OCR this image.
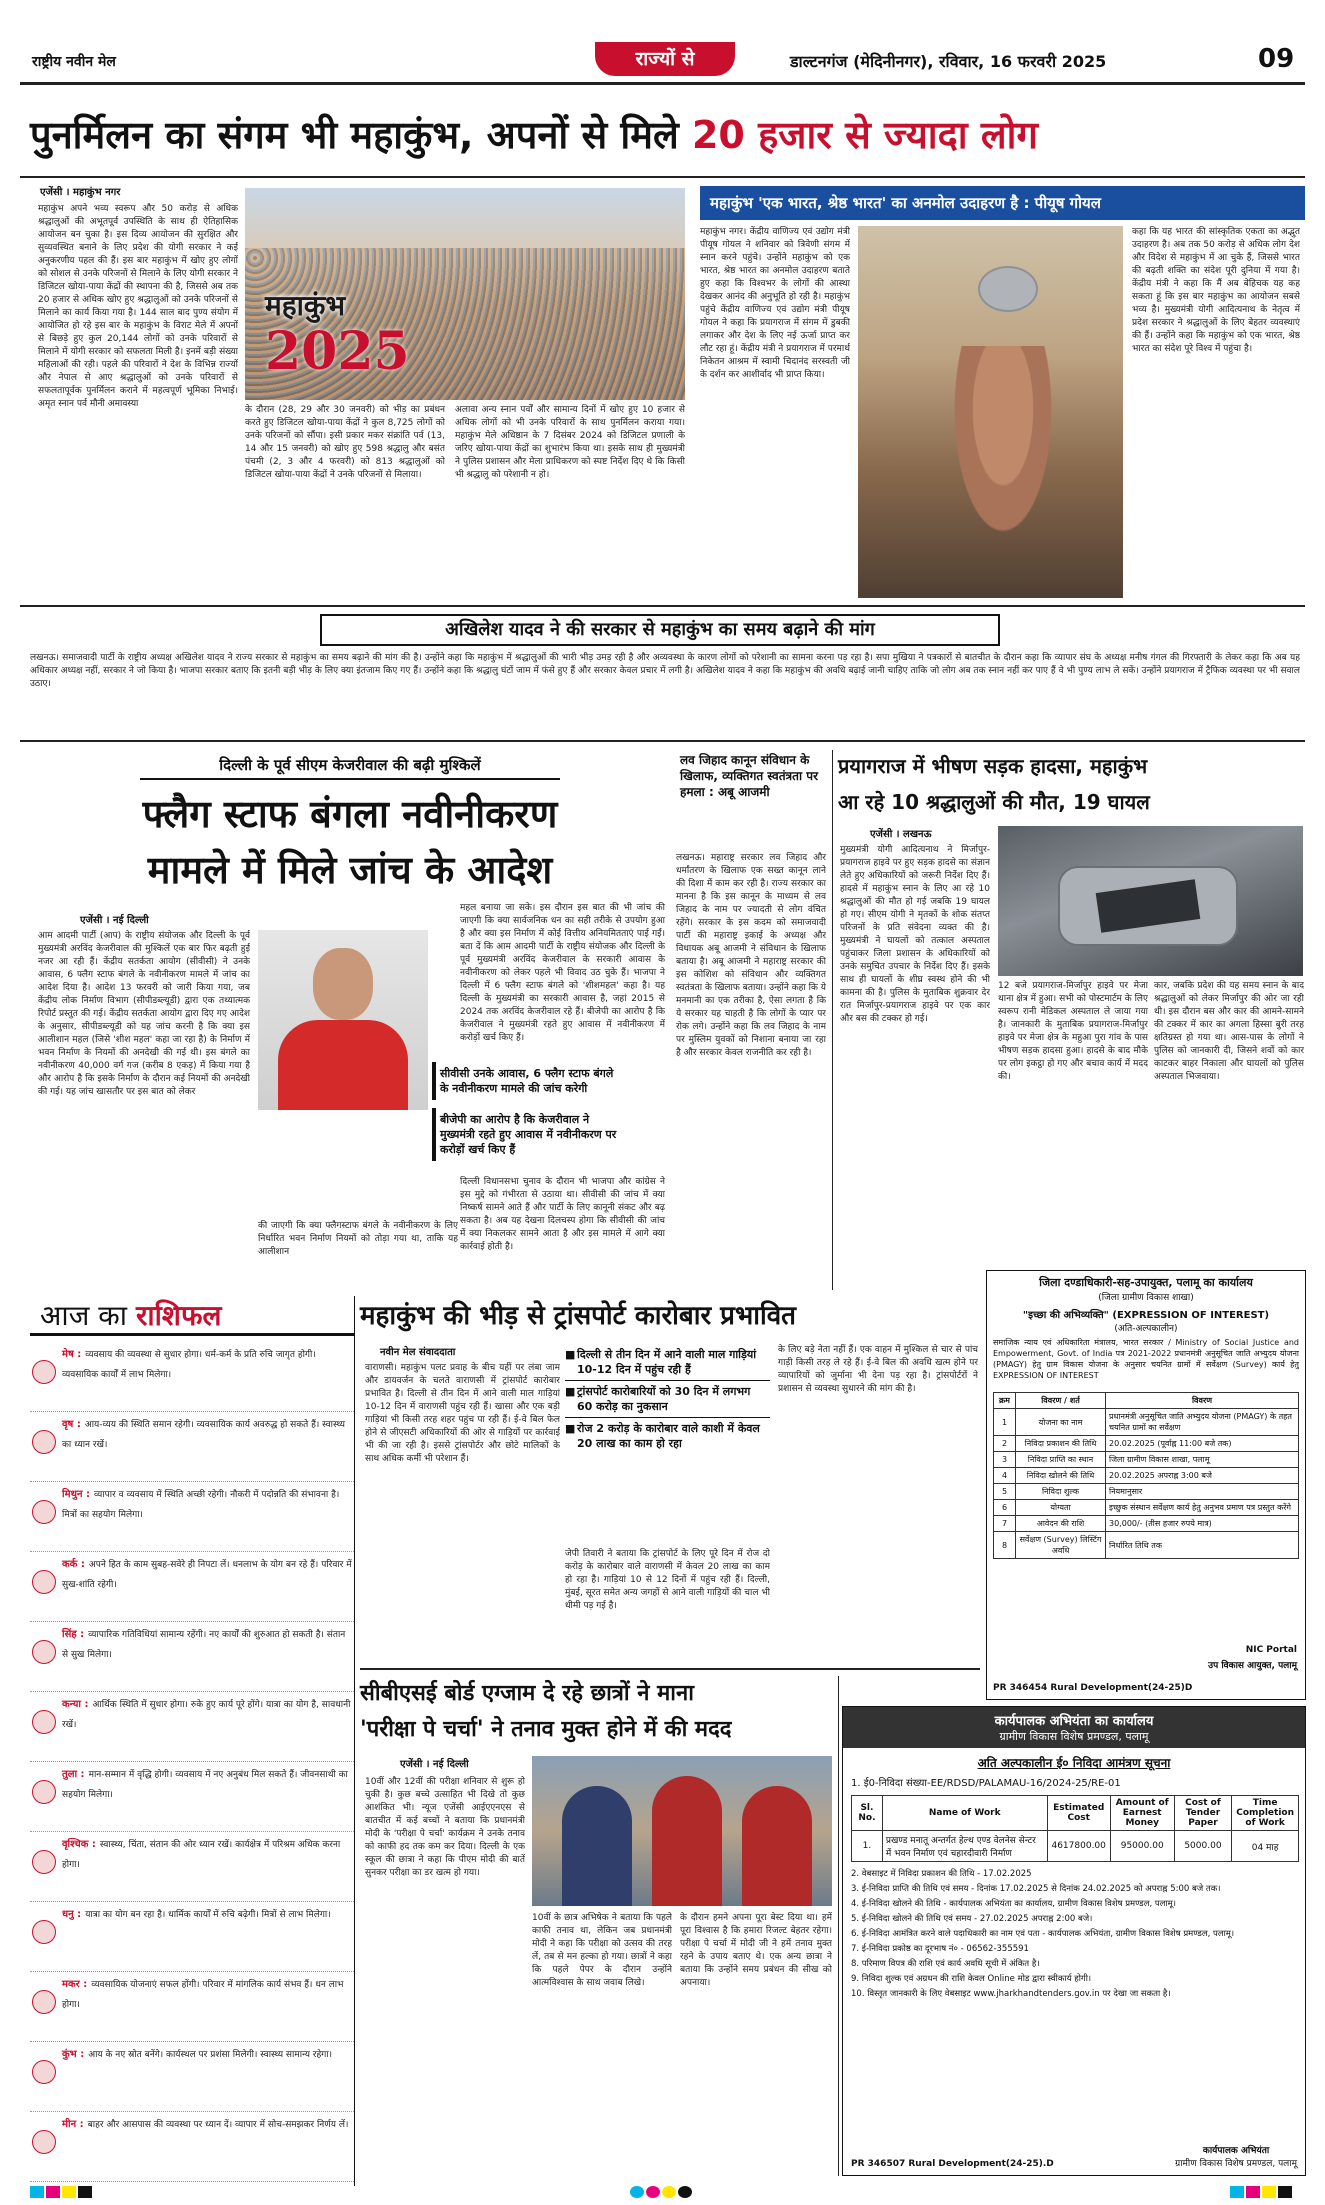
राष्ट्रीय नवीन मेल	राज्यों से	डाल्टनगंज (मेदिनीनगर), रविवार, 16 फरवरी 2025	09
पुनर्मिलन का संगम भी महाकुंभ, अपनों से मिले 20 हजार से ज्यादा लोग
एजेंसी । महाकुंभ नगर
महाकुंभ अपने भव्य स्वरूप और 50 करोड़ से अधिक श्रद्धालुओं की अभूतपूर्व उपस्थिति के साथ ही ऐतिहासिक आयोजन बन चुका है। इस दिव्य आयोजन की सुरक्षित और सुव्यवस्थित बनाने के लिए प्रदेश की योगी सरकार ने कई अनुकरणीय पहल की हैं। इस बार महाकुंभ में खोए हुए लोगों को सोशल से उनके परिजनों से मिलाने के लिए योगी सरकार ने डिजिटल खोया-पाया केंद्रों की स्थापना की है, जिससे अब तक 20 हजार से अधिक खोए हुए श्रद्धालुओं को उनके परिजनों से मिलाने का कार्य किया गया है। 144 साल बाद पुण्य संयोग में आयोजित हो रहे इस बार के महाकुंभ के विराट मेले में अपनों से बिछड़े हुए कुल 20,144 लोगों को उनके परिवारों से मिलाने में योगी सरकार को सफलता मिली है। इनमें बड़ी संख्या महिलाओं की रही। पहले की परिवारों ने देश के विभिन्न राज्यों और नेपाल से आए श्रद्धालुओं को उनके परिवारों से सफलतापूर्वक पुनर्मिलन कराने में महत्वपूर्ण भूमिका निभाई। अमृत स्नान पर्व मौनी अमावस्या
महाकुंभ
2025
के दौरान (28, 29 और 30 जनवरी) को भीड़ का प्रबंधन करते हुए डिजिटल खोया-पाया केंद्रों ने कुल 8,725 लोगों को उनके परिजनों को सौंपा। इसी प्रकार मकर संक्रांति पर्व (13, 14 और 15 जनवरी) को खोए हुए 598 श्रद्धालु और बसंत पंचमी (2, 3 और 4 फरवरी) को 813 श्रद्धालुओं को डिजिटल खोया-पाया केंद्रों ने उनके परिजनों से मिलाया।
अलावा अन्य स्नान पर्वों और सामान्य दिनों में खोए हुए 10 हजार से अधिक लोगों को भी उनके परिवारों के साथ पुनर्मिलन कराया गया। महाकुंभ मेले अधिष्ठान के 7 दिसंबर 2024 को डिजिटल प्रणाली के जरिए खोया-पाया केंद्रों का शुभारंभ किया था। इसके साथ ही मुख्यमंत्री ने पुलिस प्रशासन और मेला प्राधिकरण को स्पष्ट निर्देश दिए थे कि किसी भी श्रद्धालु को परेशानी न हो।
महाकुंभ 'एक भारत, श्रेष्ठ भारत' का अनमोल उदाहरण है : पीयूष गोयल
महाकुंभ नगर। केंद्रीय वाणिज्य एवं उद्योग मंत्री पीयूष गोयल ने शनिवार को त्रिवेणी संगम में स्नान करने पहुंचे। उन्होंने महाकुंभ को एक भारत, श्रेष्ठ भारत का अनमोल उदाहरण बताते हुए कहा कि विश्वभर के लोगों की आस्था देखकर आनंद की अनुभूति हो रही है। महाकुंभ पहुंचे केंद्रीय वाणिज्य एवं उद्योग मंत्री पीयूष गोयल ने कहा कि प्रयागराज में संगम में डुबकी लगाकर और देश के लिए नई ऊर्जा प्राप्त कर लौट रहा हूं। केंद्रीय मंत्री ने प्रयागराज में परमार्थ निकेतन आश्रम में स्वामी चिदानंद सरस्वती जी के दर्शन कर आशीर्वाद भी प्राप्त किया।
कहा कि यह भारत की सांस्कृतिक एकता का अद्भुत उदाहरण है। अब तक 50 करोड़ से अधिक लोग देश और विदेश से महाकुंभ में आ चुके हैं, जिससे भारत की बढ़ती शक्ति का संदेश पूरी दुनिया में गया है। केंद्रीय मंत्री ने कहा कि मैं अब बेहिचक यह कह सकता हूं कि इस बार महाकुंभ का आयोजन सबसे भव्य है। मुख्यमंत्री योगी आदित्यनाथ के नेतृत्व में प्रदेश सरकार ने श्रद्धालुओं के लिए बेहतर व्यवस्थाएं की हैं। उन्होंने कहा कि महाकुंभ को एक भारत, श्रेष्ठ भारत का संदेश पूरे विश्व में पहुंचा है।
अखिलेश यादव ने की सरकार से महाकुंभ का समय बढ़ाने की मांग
लखनऊ। समाजवादी पार्टी के राष्ट्रीय अध्यक्ष अखिलेश यादव ने राज्य सरकार से महाकुंभ का समय बढ़ाने की मांग की है। उन्होंने कहा कि महाकुंभ में श्रद्धालुओं की भारी भीड़ उमड़ रही है और अव्यवस्था के कारण लोगों को परेशानी का सामना करना पड़ रहा है। सपा मुखिया ने पत्रकारों से बातचीत के दौरान कहा कि व्यापार संघ के अध्यक्ष मनीष गंगल की गिरफ्तारी के लेकर कहा कि अब यह अधिकार अध्यक्ष नहीं, सरकार ने जो किया है। भाजपा सरकार बताए कि इतनी बड़ी भीड़ के लिए क्या इंतजाम किए गए हैं। उन्होंने कहा कि श्रद्धालु घंटों जाम में फंसे हुए हैं और सरकार केवल प्रचार में लगी है। अखिलेश यादव ने कहा कि महाकुंभ की अवधि बढ़ाई जानी चाहिए ताकि जो लोग अब तक स्नान नहीं कर पाए हैं वे भी पुण्य लाभ ले सकें। उन्होंने प्रयागराज में ट्रैफिक व्यवस्था पर भी सवाल उठाए।
दिल्ली के पूर्व सीएम केजरीवाल की बढ़ी मुश्किलें
फ्लैग स्टाफ बंगला नवीनीकरण
मामले में मिले जांच के आदेश
एजेंसी । नई दिल्ली
आम आदमी पार्टी (आप) के राष्ट्रीय संयोजक और दिल्ली के पूर्व मुख्यमंत्री अरविंद केजरीवाल की मुश्किलें एक बार फिर बढ़ती हुई नजर आ रही हैं। केंद्रीय सतर्कता आयोग (सीवीसी) ने उनके आवास, 6 फ्लैग स्टाफ बंगले के नवीनीकरण मामले में जांच का आदेश दिया है। आदेश 13 फरवरी को जारी किया गया, जब केंद्रीय लोक निर्माण विभाग (सीपीडब्ल्यूडी) द्वारा एक तथ्यात्मक रिपोर्ट प्रस्तुत की गई। केंद्रीय सतर्कता आयोग द्वारा दिए गए आदेश के अनुसार, सीपीडब्ल्यूडी को यह जांच करनी है कि क्या इस आलीशान महल (जिसे 'शीश महल' कहा जा रहा है) के निर्माण में भवन निर्माण के नियमों की अनदेखी की गई थी। इस बंगले का नवीनीकरण 40,000 वर्ग गज (करीब 8 एकड़) में किया गया है और आरोप है कि इसके निर्माण के दौरान कई नियमों की अनदेखी की गई। यह जांच खासतौर पर इस बात को लेकर
सीवीसी उनके आवास, 6 फ्लैग स्टाफ बंगले के नवीनीकरण मामले की जांच करेगी
बीजेपी का आरोप है कि केजरीवाल ने मुख्यमंत्री रहते हुए आवास में नवीनीकरण पर करोड़ों खर्च किए हैं
की जाएगी कि क्या फ्लैगस्टाफ बंगले के नवीनीकरण के लिए निर्धारित भवन निर्माण नियमों को तोड़ा गया था, ताकि यह आलीशान
महल बनाया जा सके। इस दौरान इस बात की भी जांच की जाएगी कि क्या सार्वजनिक धन का सही तरीके से उपयोग हुआ है और क्या इस निर्माण में कोई वित्तीय अनियमितताएं पाई गईं। बता दें कि आम आदमी पार्टी के राष्ट्रीय संयोजक और दिल्ली के पूर्व मुख्यमंत्री अरविंद केजरीवाल के सरकारी आवास के नवीनीकरण को लेकर पहले भी विवाद उठ चुके हैं। भाजपा ने दिल्ली में 6 फ्लैग स्टाफ बंगले को 'शीशमहल' कहा है। यह दिल्ली के मुख्यमंत्री का सरकारी आवास है, जहां 2015 से 2024 तक अरविंद केजरीवाल रहे हैं। बीजेपी का आरोप है कि केजरीवाल ने मुख्यमंत्री रहते हुए आवास में नवीनीकरण में करोड़ों खर्च किए हैं।
दिल्ली विधानसभा चुनाव के दौरान भी भाजपा और कांग्रेस ने इस मुद्दे को गंभीरता से उठाया था। सीवीसी की जांच में क्या निष्कर्ष सामने आते हैं और पार्टी के लिए कानूनी संकट और बढ़ सकता है। अब यह देखना दिलचस्प होगा कि सीवीसी की जांच में क्या निकलकर सामने आता है और इस मामले में आगे क्या कार्रवाई होती है।
लव जिहाद कानून संविधान के खिलाफ, व्यक्तिगत स्वतंत्रता पर हमला : अबू आजमी
लखनऊ। महाराष्ट्र सरकार लव जिहाद और धर्मांतरण के खिलाफ एक सख्त कानून लाने की दिशा में काम कर रही है। राज्य सरकार का मानना है कि इस कानून के माध्यम से लव जिहाद के नाम पर ज्यादती से लोग वंचित रहेंगे। सरकार के इस कदम को समाजवादी पार्टी की महाराष्ट्र इकाई के अध्यक्ष और विधायक अबू आजमी ने संविधान के खिलाफ बताया है। अबू आजमी ने महाराष्ट्र सरकार की इस कोशिश को संविधान और व्यक्तिगत स्वतंत्रता के खिलाफ बताया। उन्होंने कहा कि ये मनमानी का एक तरीका है, ऐसा लगता है कि ये सरकार यह चाहती है कि लोगों के प्यार पर रोक लगे। उन्होंने कहा कि लव जिहाद के नाम पर मुस्लिम युवकों को निशाना बनाया जा रहा है और सरकार केवल राजनीति कर रही है।
प्रयागराज में भीषण सड़क हादसा, महाकुंभ
आ रहे 10 श्रद्धालुओं की मौत, 19 घायल
एजेंसी । लखनऊ
मुख्यमंत्री योगी आदित्यनाथ ने मिर्जापुर-प्रयागराज हाइवे पर हुए सड़क हादसे का संज्ञान लेते हुए अधिकारियों को जरूरी निर्देश दिए हैं। हादसे में महाकुंभ स्नान के लिए आ रहे 10 श्रद्धालुओं की मौत हो गई जबकि 19 घायल हो गए। सीएम योगी ने मृतकों के शोक संतप्त परिजनों के प्रति संवेदना व्यक्त की है। मुख्यमंत्री ने घायलों को तत्काल अस्पताल पहुंचाकर जिला प्रशासन के अधिकारियों को उनके समुचित उपचार के निर्देश दिए हैं। इसके साथ ही घायलों के शीघ्र स्वस्थ होने की भी कामना की है। पुलिस के मुताबिक शुक्रवार देर रात मिर्जापुर-प्रयागराज हाइवे पर एक कार और बस की टक्कर हो गई।
12 बजे प्रयागराज-मिर्जापुर हाइवे पर मेजा थाना क्षेत्र में हुआ। सभी को पोस्टमार्टम के लिए स्वरूप रानी मेडिकल अस्पताल ले जाया गया है। जानकारी के मुताबिक प्रयागराज-मिर्जापुर हाइवे पर मेजा क्षेत्र के महुआ पुरा गांव के पास भीषण सड़क हादसा हुआ। हादसे के बाद मौके पर लोग इकट्ठा हो गए और बचाव कार्य में मदद की।
कार, जबकि प्रदेश की यह समय स्नान के बाद श्रद्धालुओं को लेकर मिर्जापुर की ओर जा रही थी। इस दौरान बस और कार की आमने-सामने की टक्कर में कार का अगला हिस्सा बुरी तरह क्षतिग्रस्त हो गया था। आस-पास के लोगों ने पुलिस को जानकारी दी, जिसने शवों को कार काटकर बाहर निकाला और घायलों को पुलिस अस्पताल भिजवाया।
जिला दण्डाधिकारी-सह-उपायुक्त, पलामू का कार्यालय
(जिला ग्रामीण विकास शाखा)
"इच्छा की अभिव्यक्ति" (EXPRESSION OF INTEREST)
(अति-अल्पकालीन)
समाजिक न्याय एवं अधिकारिता मंत्रालय, भारत सरकार / Ministry of Social Justice and Empowerment, Govt. of India पत्र 2021-2022 प्रधानमंत्री अनुसूचित जाति अभ्युदय योजना (PMAGY) हेतु ग्राम विकास योजना के अनुसार चयनित ग्रामों में सर्वेक्षण (Survey) कार्य हेतु EXPRESSION OF INTEREST
क्रम	विवरण / शर्त	विवरण
1	योजना का नाम	प्रधानमंत्री अनुसूचित जाति अभ्युदय योजना (PMAGY) के तहत चयनित ग्रामों का सर्वेक्षण
2	निविदा प्रकाशन की तिथि	20.02.2025 (पूर्वाह्न 11:00 बजे तक)
3	निविदा प्राप्ति का स्थान	जिला ग्रामीण विकास शाखा, पलामू
4	निविदा खोलने की तिथि	20.02.2025 अपराह्न 3:00 बजे
5	निविदा शुल्क	नियमानुसार
6	योग्यता	इच्छुक संस्थान सर्वेक्षण कार्य हेतु अनुभव प्रमाण पत्र प्रस्तुत करेंगे
7	आवेदन की राशि	30,000/- (तीस हजार रुपये मात्र)
8	सर्वेक्षण (Survey) लिस्टिंग अवधि	निर्धारित तिथि तक
NIC Portal
उप विकास आयुक्त, पलामू
PR 346454 Rural Development(24-25)D
आज का राशिफल
मेष : व्यवसाय की व्यवस्था से सुधार होगा। धर्म-कर्म के प्रति रुचि जागृत होगी। व्यवसायिक कार्यों में लाभ मिलेगा।
वृष : आय-व्यय की स्थिति समान रहेगी। व्यवसायिक कार्य अवरुद्ध हो सकते हैं। स्वास्थ्य का ध्यान रखें।
मिथुन : व्यापार व व्यवसाय में स्थिति अच्छी रहेगी। नौकरी में पदोन्नति की संभावना है। मित्रों का सहयोग मिलेगा।
कर्क : अपने हित के काम सुबह-सवेरे ही निपटा लें। धनलाभ के योग बन रहे हैं। परिवार में सुख-शांति रहेगी।
सिंह : व्यापारिक गतिविधियां सामान्य रहेंगी। नए कार्यों की शुरुआत हो सकती है। संतान से सुख मिलेगा।
कन्या : आर्थिक स्थिति में सुधार होगा। रुके हुए कार्य पूरे होंगे। यात्रा का योग है, सावधानी रखें।
तुला : मान-सम्मान में वृद्धि होगी। व्यवसाय में नए अनुबंध मिल सकते हैं। जीवनसाथी का सहयोग मिलेगा।
वृश्चिक : स्वास्थ्य, चिंता, संतान की ओर ध्यान रखें। कार्यक्षेत्र में परिश्रम अधिक करना होगा।
धनु : यात्रा का योग बन रहा है। धार्मिक कार्यों में रुचि बढ़ेगी। मित्रों से लाभ मिलेगा।
मकर : व्यवसायिक योजनाएं सफल होंगी। परिवार में मांगलिक कार्य संभव हैं। धन लाभ होगा।
कुंभ : आय के नए स्रोत बनेंगे। कार्यस्थल पर प्रशंसा मिलेगी। स्वास्थ्य सामान्य रहेगा।
मीन : बाहर और आसपास की व्यवस्था पर ध्यान दें। व्यापार में सोच-समझकर निर्णय लें।
महाकुंभ की भीड़ से ट्रांसपोर्ट कारोबार प्रभावित
नवीन मेल संवाददाता
वाराणसी। महाकुंभ पलट प्रवाह के बीच यहीं पर लंबा जाम और डायवर्जन के चलते वाराणसी में ट्रांसपोर्ट कारोबार प्रभावित है। दिल्ली से तीन दिन में आने वाली माल गाड़ियां 10-12 दिन में वाराणसी पहुंच रही हैं। खासा और एक बड़ी गाड़ियां भी किसी तरह शहर पहुंच पा रही हैं। ई-वे बिल फेल होने से जीएसटी अधिकारियों की ओर से गाड़ियों पर कार्रवाई भी की जा रही है। इससे ट्रांसपोर्टर और छोटे मालिकों के साथ अधिक कर्मी भी परेशान हैं।
■ दिल्ली से तीन दिन में आने वाली माल गाड़ियां 10-12 दिन में पहुंच रही हैं
■ ट्रांसपोर्ट कारोबारियों को 30 दिन में लगभग 60 करोड़ का नुकसान
■ रोज 2 करोड़ के कारोबार वाले काशी में केवल 20 लाख का काम हो रहा
जेपी तिवारी ने बताया कि ट्रांसपोर्ट के लिए पूरे दिन में रोज दो करोड़ के कारोबार वाले वाराणसी में केवल 20 लाख का काम हो रहा है। गाड़ियां 10 से 12 दिनों में पहुंच रही हैं। दिल्ली, मुंबई, सूरत समेत अन्य जगहों से आने वाली गाड़ियों की चाल भी धीमी पड़ गई है।
के लिए बड़े नेता नहीं हैं। एक वाहन में मुश्किल से चार से पांच गाड़ी किसी तरह ले रहे हैं। ई-वे बिल की अवधि खत्म होने पर व्यापारियों को जुर्माना भी देना पड़ रहा है। ट्रांसपोर्टरों ने प्रशासन से व्यवस्था सुधारने की मांग की है।
सीबीएसई बोर्ड एग्जाम दे रहे छात्रों ने माना
'परीक्षा पे चर्चा' ने तनाव मुक्त होने में की मदद
एजेंसी । नई दिल्ली
10वीं और 12वीं की परीक्षा शनिवार से शुरू हो चुकी है। कुछ बच्चे उत्साहित भी दिखे तो कुछ आशंकित भी। न्यूज एजेंसी आईएएनएस से बातचीत में कई बच्चों ने बताया कि प्रधानमंत्री मोदी के 'परीक्षा पे चर्चा' कार्यक्रम ने उनके तनाव को काफी हद तक कम कर दिया। दिल्ली के एक स्कूल की छात्रा ने कहा कि पीएम मोदी की बातें सुनकर परीक्षा का डर खत्म हो गया।
10वीं के छात्र अभिषेक ने बताया कि पहले काफी तनाव था, लेकिन जब प्रधानमंत्री मोदी ने कहा कि परीक्षा को उत्सव की तरह लें, तब से मन हल्का हो गया। छात्रों ने कहा कि पहले पेपर के दौरान उन्होंने आत्मविश्वास के साथ जवाब लिखे।
के दौरान हमने अपना पूरा बेस्ट दिया था। हमें पूरा विश्वास है कि हमारा रिजल्ट बेहतर रहेगा। परीक्षा पे चर्चा में मोदी जी ने हमें तनाव मुक्त रहने के उपाय बताए थे। एक अन्य छात्रा ने बताया कि उन्होंने समय प्रबंधन की सीख को अपनाया।
कार्यपालक अभियंता का कार्यालय
ग्रामीण विकास विशेष प्रमण्डल, पलामू
अति अल्पकालीन ई० निविदा आमंत्रण सूचना
1. ई0-निविदा संख्या-EE/RDSD/PALAMAU-16/2024-25/RE-01
Sl. No.	Name of Work	Estimated Cost	Amount of Earnest Money	Cost of Tender Paper	Time Completion of Work
1.	प्रखण्ड मनातू अन्तर्गत हेल्थ एण्ड वेलनेस सेन्टर में भवन निर्माण एवं चहारदीवारी निर्माण	4617800.00	95000.00	5000.00	04 माह
2. वेबसाइट में निविदा प्रकाशन की तिथि - 17.02.2025
3. ई-निविदा प्राप्ति की तिथि एवं समय - दिनांक 17.02.2025 से दिनांक 24.02.2025 को अपराह्न 5:00 बजे तक।
4. ई-निविदा खोलने की तिथि - कार्यपालक अभियंता का कार्यालय, ग्रामीण विकास विशेष प्रमण्डल, पलामू।
5. ई-निविदा खोलने की तिथि एवं समय - 27.02.2025 अपराह्न 2:00 बजे।
6. ई-निविदा आमंत्रित करने वाले पदाधिकारी का नाम एवं पता - कार्यपालक अभियंता, ग्रामीण विकास विशेष प्रमण्डल, पलामू।
7. ई-निविदा प्रकोष्ठ का दूरभाष नं० - 06562-355591
8. परिमाण विपत्र की राशि एवं कार्य अवधि सूची में अंकित है।
9. निविदा शुल्क एवं अग्रधन की राशि केवल Online मोड द्वारा स्वीकार्य होगी।
10. विस्तृत जानकारी के लिए वेबसाइट www.jharkhandtenders.gov.in पर देखा जा सकता है।
PR 346507 Rural Development(24-25).D
कार्यपालक अभियंता
ग्रामीण विकास विशेष प्रमण्डल, पलामू
